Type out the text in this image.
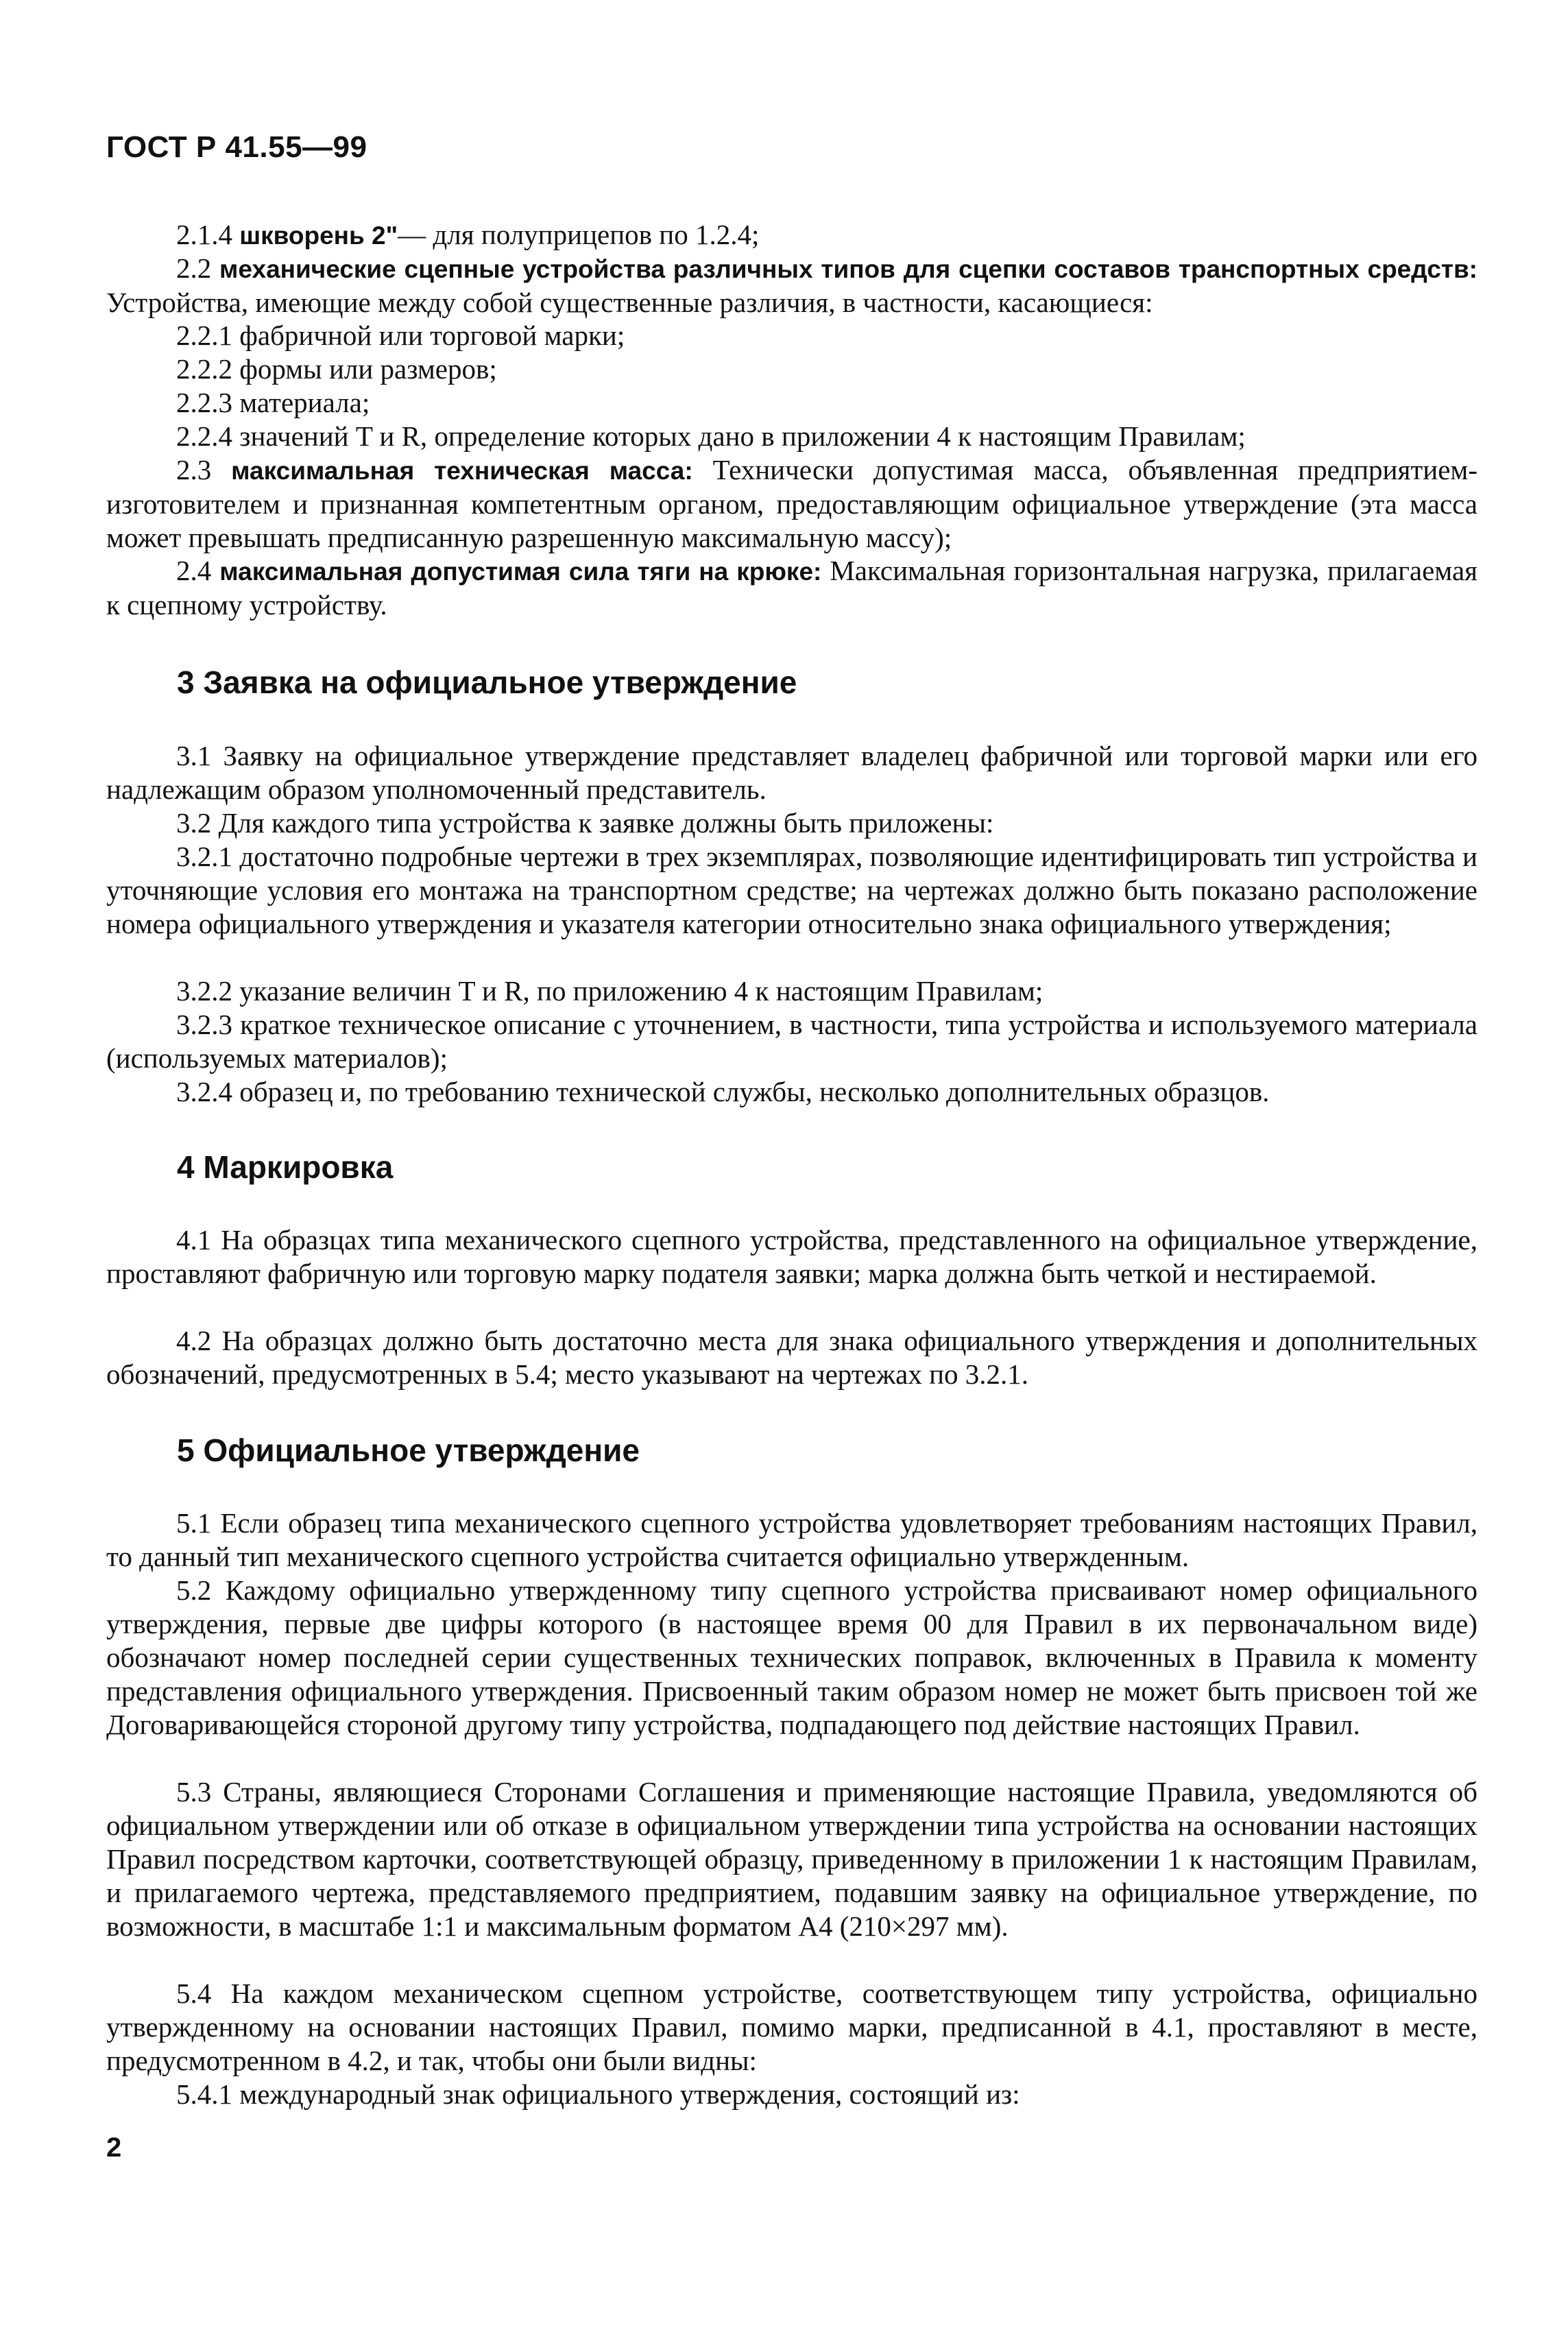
ГОСТ Р 41.55—99

2.1.4 шкворень 2"— для полуприцепов по 1.2.4;

2.2 механические сцепные устройства различных типов для сцепки составов транспортных средств: Устройства, имеющие между собой существенные различия, в частности, касающиеся:

2.2.1 фабричной или торговой марки;

2.2.2 формы или размеров;

2.2.3 материала;

2.2.4 значений T и R, определение которых дано в приложении 4 к настоящим Правилам;

2.3 максимальная техническая масса: Технически допустимая масса, объявленная предприятием-изготовителем и признанная компетентным органом, предоставляющим официальное утверждение (эта масса может превышать предписанную разрешенную максимальную массу);

2.4 максимальная допустимая сила тяги на крюке: Максимальная горизонтальная нагрузка, прилагаемая к сцепному устройству.

3 Заявка на официальное утверждение

3.1 Заявку на официальное утверждение представляет владелец фабричной или торговой марки или его надлежащим образом уполномоченный представитель.

3.2 Для каждого типа устройства к заявке должны быть приложены:

3.2.1 достаточно подробные чертежи в трех экземплярах, позволяющие идентифицировать тип устройства и уточняющие условия его монтажа на транспортном средстве; на чертежах должно быть показано расположение номера официального утверждения и указателя категории относительно знака официального утверждения;

3.2.2 указание величин T и R, по приложению 4 к настоящим Правилам;

3.2.3 краткое техническое описание с уточнением, в частности, типа устройства и используемого материала (используемых материалов);

3.2.4 образец и, по требованию технической службы, несколько дополнительных образцов.

4 Маркировка

4.1 На образцах типа механического сцепного устройства, представленного на официальное утверждение, проставляют фабричную или торговую марку подателя заявки; марка должна быть четкой и нестираемой.

4.2 На образцах должно быть достаточно места для знака официального утверждения и дополнительных обозначений, предусмотренных в 5.4; место указывают на чертежах по 3.2.1.

5 Официальное утверждение

5.1 Если образец типа механического сцепного устройства удовлетворяет требованиям настоящих Правил, то данный тип механического сцепного устройства считается официально утвержденным.

5.2 Каждому официально утвержденному типу сцепного устройства присваивают номер официального утверждения, первые две цифры которого (в настоящее время 00 для Правил в их первоначальном виде) обозначают номер последней серии существенных технических поправок, включенных в Правила к моменту представления официального утверждения. Присвоенный таким образом номер не может быть присвоен той же Договаривающейся стороной другому типу устройства, подпадающего под действие настоящих Правил.

5.3 Страны, являющиеся Сторонами Соглашения и применяющие настоящие Правила, уведомляются об официальном утверждении или об отказе в официальном утверждении типа устройства на основании настоящих Правил посредством карточки, соответствующей образцу, приведенному в приложении 1 к настоящим Правилам, и прилагаемого чертежа, представляемого предприятием, подавшим заявку на официальное утверждение, по возможности, в масштабе 1:1 и максимальным форматом A4 (210×297 мм).

5.4 На каждом механическом сцепном устройстве, соответствующем типу устройства, официально утвержденному на основании настоящих Правил, помимо марки, предписанной в 4.1, проставляют в месте, предусмотренном в 4.2, и так, чтобы они были видны:

5.4.1 международный знак официального утверждения, состоящий из:

2
